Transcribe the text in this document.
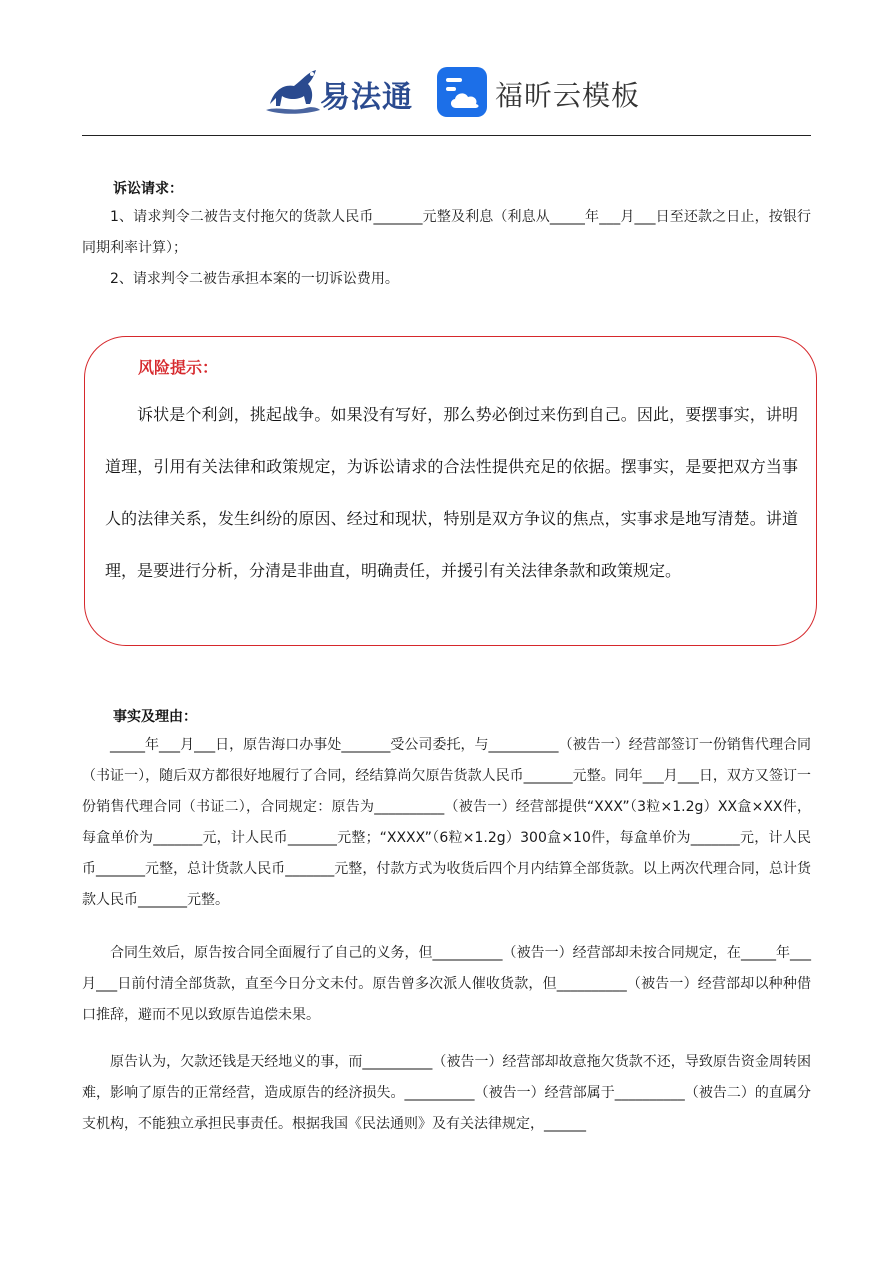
易法通	福昕云模板
诉讼请求：
1、请求判令二被告支付拖欠的货款人民币_______元整及利息（利息从_____年___月___日至还款之日止，按银行同期利率计算）；
2、请求判令二被告承担本案的一切诉讼费用。
风险提示：
诉状是个利剑，挑起战争。如果没有写好，那么势必倒过来伤到自己。因此，要摆事实，讲明道理，引用有关法律和政策规定，为诉讼请求的合法性提供充足的依据。摆事实，是要把双方当事人的法律关系，发生纠纷的原因、经过和现状，特别是双方争议的焦点，实事求是地写清楚。讲道理，是要进行分析，分清是非曲直，明确责任，并援引有关法律条款和政策规定。
事实及理由：
_____年___月___日，原告海口办事处_______受公司委托，与__________（被告一）经营部签订一份销售代理合同（书证一），随后双方都很好地履行了合同，经结算尚欠原告货款人民币_______元整。同年___月___日，双方又签订一份销售代理合同（书证二），合同规定：原告为__________（被告一）经营部提供“XXX”（3粒×1.2g）XX盒×XX件，每盒单价为_______元，计人民币_______元整；“XXXX”（6粒×1.2g）300盒×10件，每盒单价为_______元，计人民币_______元整，总计货款人民币_______元整，付款方式为收货后四个月内结算全部货款。以上两次代理合同，总计货款人民币_______元整。
合同生效后，原告按合同全面履行了自己的义务，但__________（被告一）经营部却未按合同规定，在_____年___月___日前付清全部货款，直至今日分文未付。原告曾多次派人催收货款，但__________（被告一）经营部却以种种借口推辞，避而不见以致原告追偿未果。
原告认为，欠款还钱是天经地义的事，而__________（被告一）经营部却故意拖欠货款不还，导致原告资金周转困难，影响了原告的正常经营，造成原告的经济损失。__________（被告一）经营部属于__________（被告二）的直属分支机构，不能独立承担民事责任。根据我国《民法通则》及有关法律规定，______
